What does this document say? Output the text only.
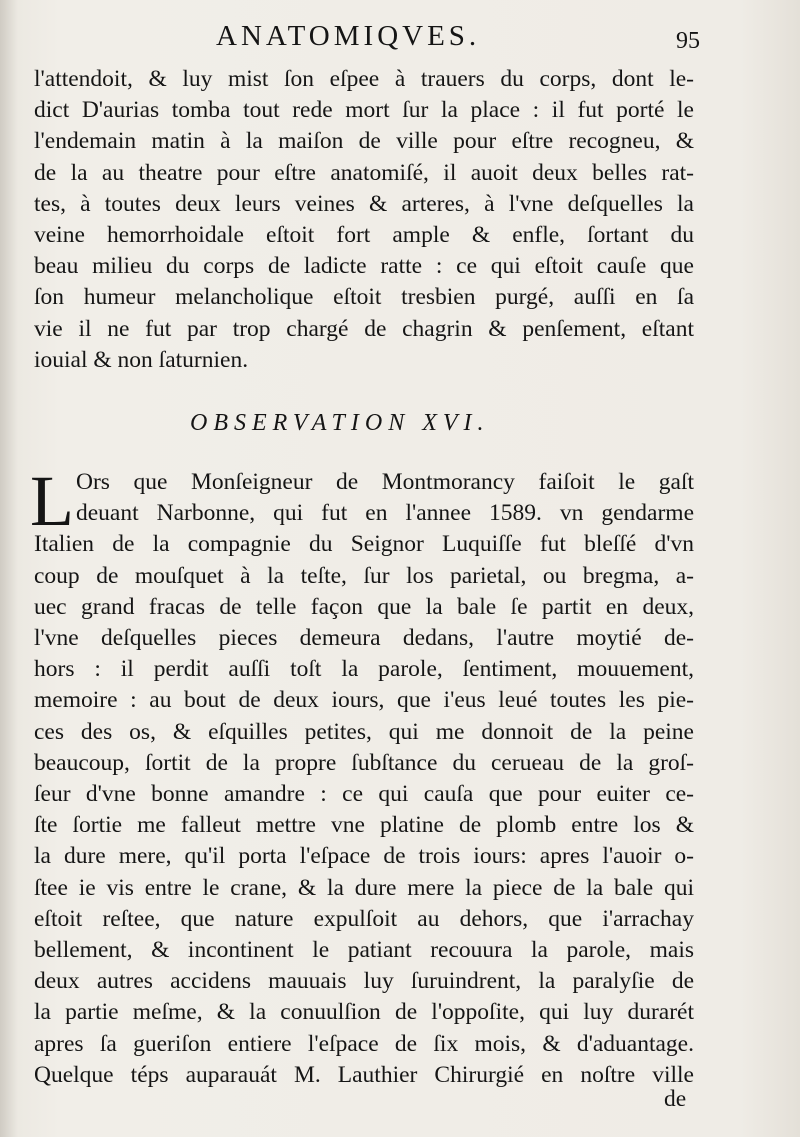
ANATOMIQVES.	95
l'attendoit, & luy mist ſon eſpee à trauers du corps, dont le-
dict D'aurias tomba tout rede mort ſur la place : il fut porté le
l'endemain matin à la maiſon de ville pour eſtre recogneu, &
de la au theatre pour eſtre anatomiſé, il auoit deux belles rat-
tes, à toutes deux leurs veines & arteres, à l'vne deſquelles la
veine hemorrhoidale eſtoit fort ample & enfle, ſortant du
beau milieu du corps de ladicte ratte : ce qui eſtoit cauſe que
ſon humeur melancholique eſtoit tresbien purgé, auſſi en ſa
vie il ne fut par trop chargé de chagrin & penſement, eſtant
iouial & non ſaturnien.
OBSERVATION XVI.
L Ors que Monſeigneur de Montmorancy faiſoit le gaſt
deuant Narbonne, qui fut en l'annee 1589. vn gendarme
Italien de la compagnie du Seignor Luquiſſe fut bleſſé d'vn
coup de mouſquet à la teſte, ſur los parietal, ou bregma, a-
uec grand fracas de telle façon que la bale ſe partit en deux,
l'vne deſquelles pieces demeura dedans, l'autre moytié de-
hors : il perdit auſſi toſt la parole, ſentiment, mouuement,
memoire : au bout de deux iours, que i'eus leué toutes les pie-
ces des os, & eſquilles petites, qui me donnoit de la peine
beaucoup, ſortit de la propre ſubſtance du cerueau de la groſ-
ſeur d'vne bonne amandre : ce qui cauſa que pour euiter ce-
ſte ſortie me falleut mettre vne platine de plomb entre los &
la dure mere, qu'il porta l'eſpace de trois iours: apres l'auoir o-
ſtee ie vis entre le crane, & la dure mere la piece de la bale qui
eſtoit reſtee, que nature expulſoit au dehors, que i'arrachay
bellement, & incontinent le patiant recouura la parole, mais
deux autres accidens mauuais luy ſuruindrent, la paralyſie de
la partie meſme, & la conuulſion de l'oppoſite, qui luy durarét
apres ſa gueriſon entiere l'eſpace de ſix mois, & d'aduantage.
Quelque téps auparauát M. Lauthier Chirurgié en noſtre ville
de
